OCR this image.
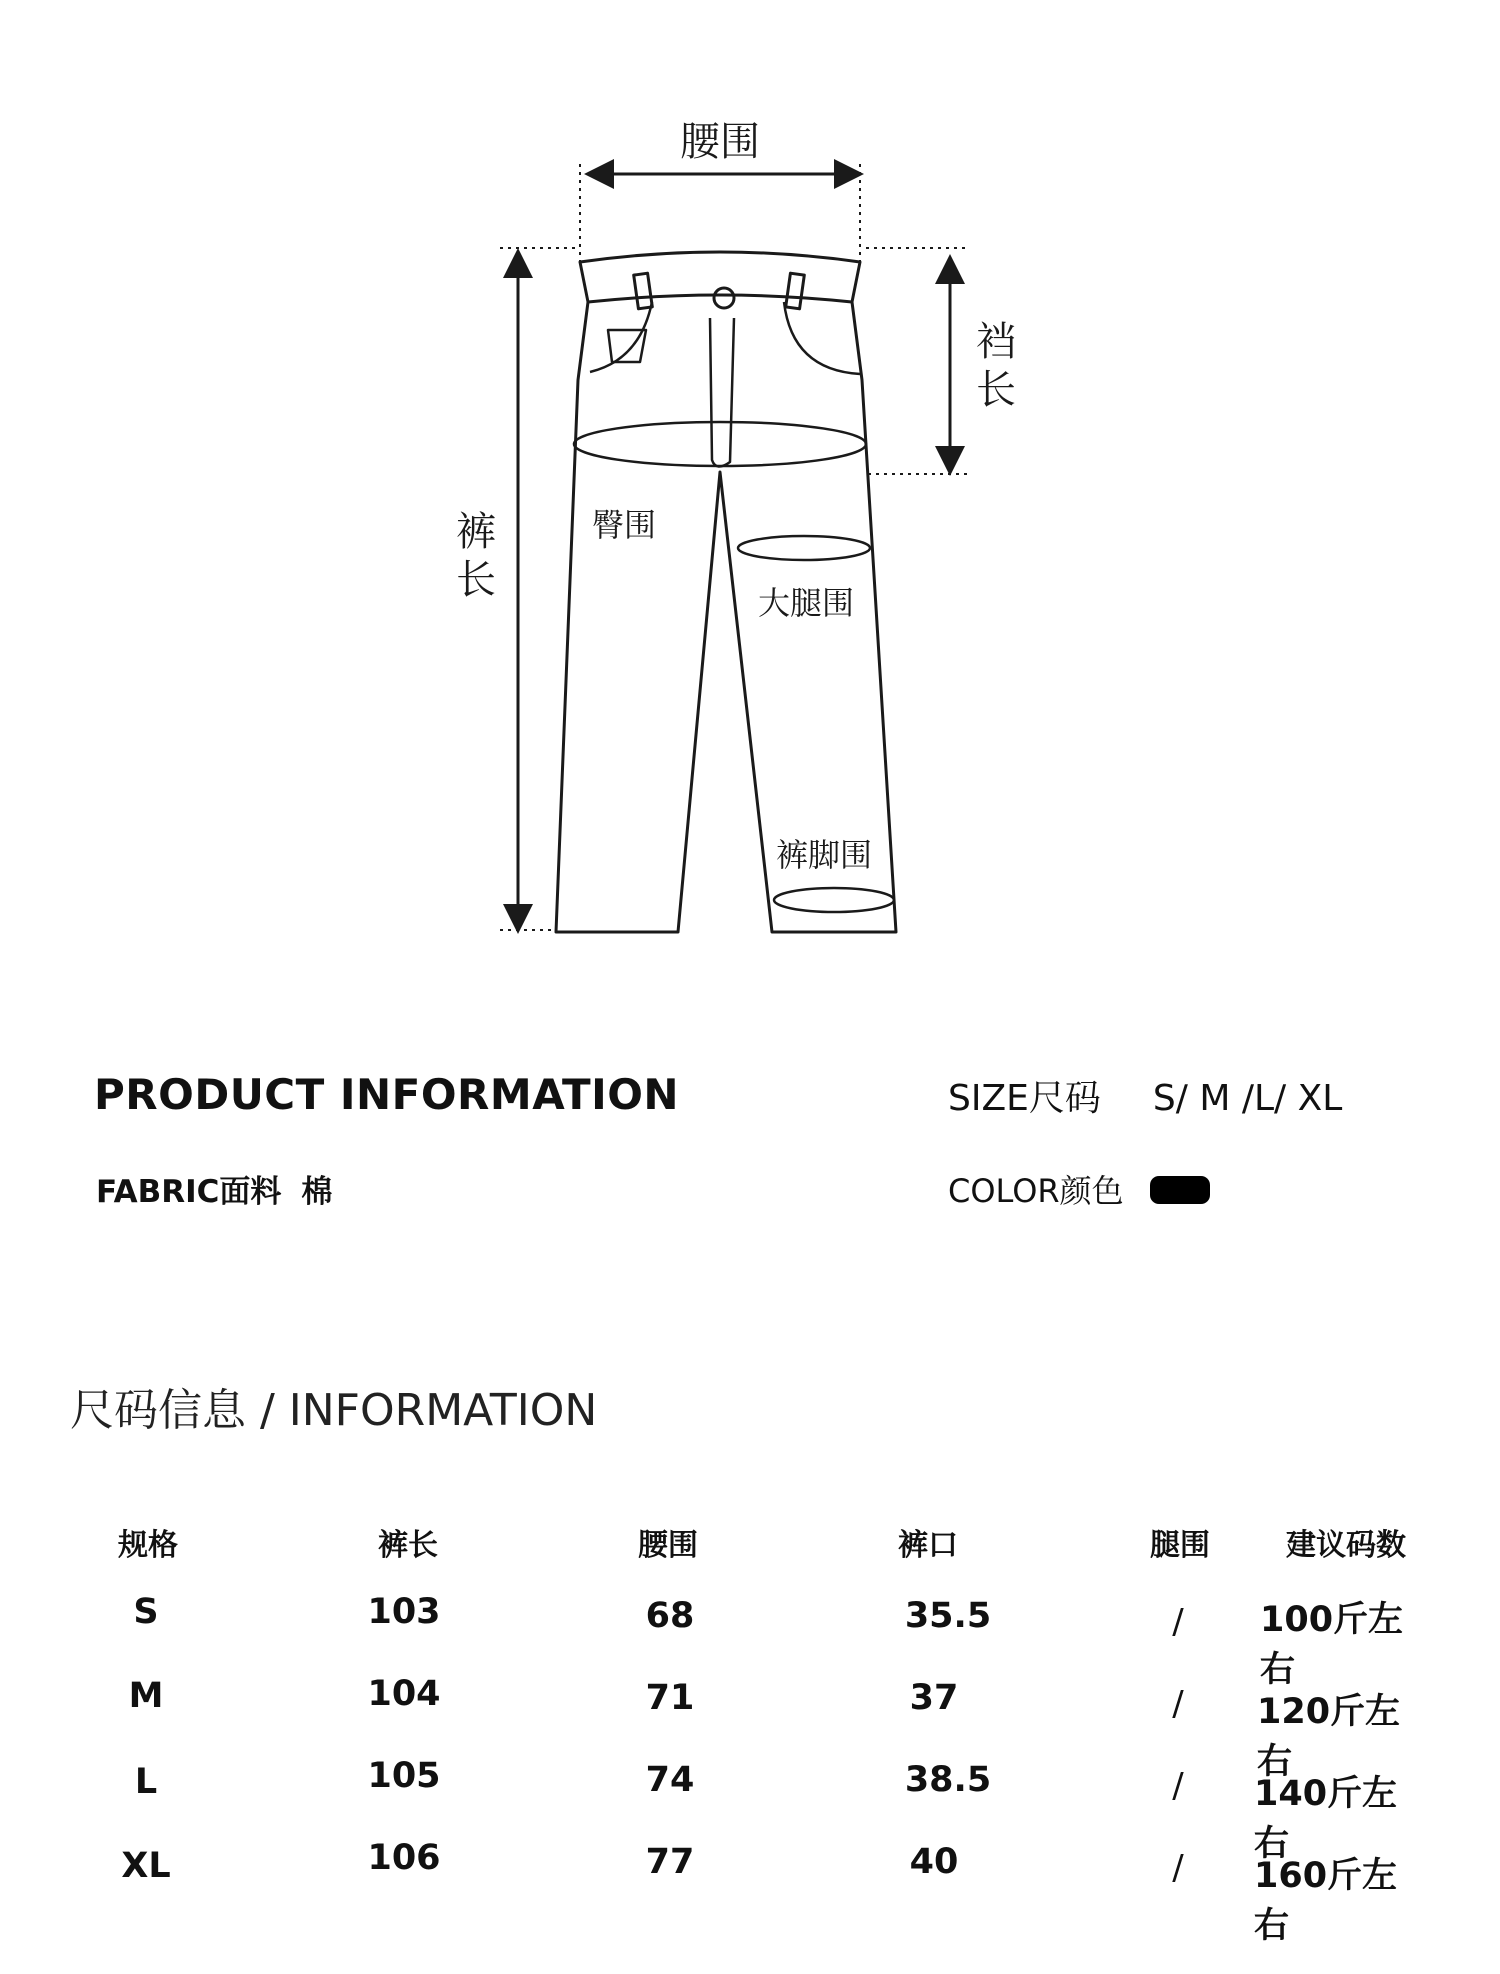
腰围
裆长
裤长
臀围
大腿围
裤脚围
PRODUCT INFORMATION
FABRIC面料 棉
SIZE尺码 S/ M /L/ XL
COLOR颜色
尺码信息 / INFORMATION
规格	裤长	腰围	裤口	腿围	建议码数
S	103	68	35.5	/ 100斤左右
M	104	71	37	/ 120斤左右
L	105	74	38.5	/ 140斤左右
XL	106	77	40	/ 160斤左右
